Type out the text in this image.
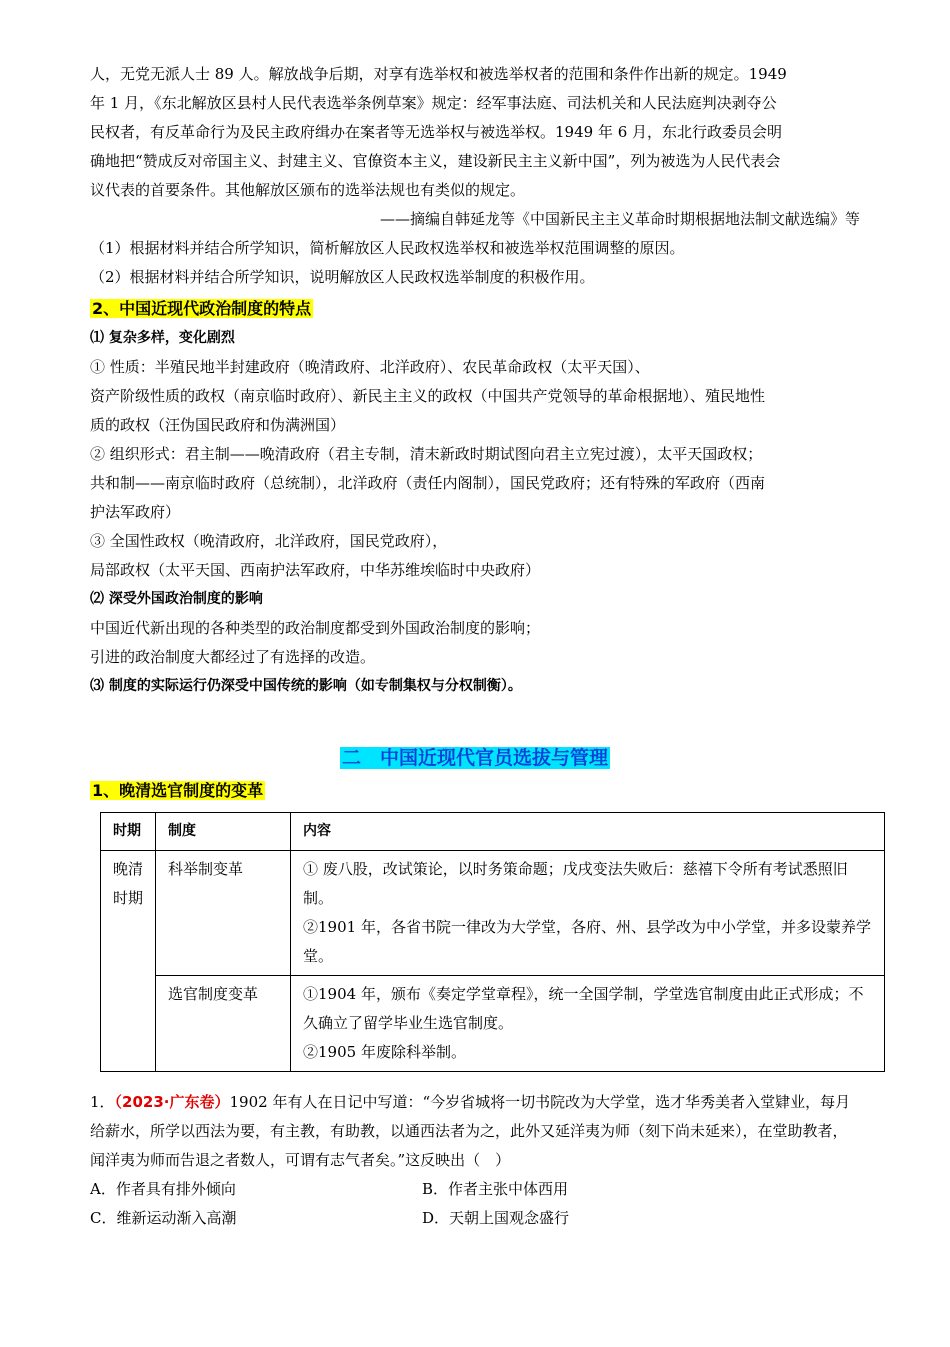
人，无党无派人士 89 人。解放战争后期，对享有选举权和被选举权者的范围和条件作出新的规定。1949

年 1 月，《东北解放区县村人民代表选举条例草案》规定：经军事法庭、司法机关和人民法庭判决剥夺公

民权者，有反革命行为及民主政府缉办在案者等无选举权与被选举权。1949 年 6 月，东北行政委员会明

确地把“赞成反对帝国主义、封建主义、官僚资本主义，建设新民主主义新中国”，列为被选为人民代表会

议代表的首要条件。其他解放区颁布的选举法规也有类似的规定。

——摘编自韩延龙等《中国新民主主义革命时期根据地法制文献选编》等

（1）根据材料并结合所学知识，简析解放区人民政权选举权和被选举权范围调整的原因。

（2）根据材料并结合所学知识，说明解放区人民政权选举制度的积极作用。

2、中国近现代政治制度的特点

⑴ 复杂多样，变化剧烈

① 性质：半殖民地半封建政府（晚清政府、北洋政府）、农民革命政权（太平天国）、

资产阶级性质的政权（南京临时政府）、新民主主义的政权（中国共产党领导的革命根据地）、殖民地性

质的政权（汪伪国民政府和伪满洲国）

② 组织形式：君主制——晚清政府（君主专制，清末新政时期试图向君主立宪过渡），太平天国政权；

共和制——南京临时政府（总统制），北洋政府（责任内阁制），国民党政府；还有特殊的军政府（西南

护法军政府）

③ 全国性政权（晚清政府，北洋政府，国民党政府），

局部政权（太平天国、西南护法军政府，中华苏维埃临时中央政府）

⑵ 深受外国政治制度的影响

中国近代新出现的各种类型的政治制度都受到外国政治制度的影响；

引进的政治制度大都经过了有选择的改造。

⑶ 制度的实际运行仍深受中国传统的影响（如专制集权与分权制衡）。

二　中国近现代官员选拔与管理

1、晚清选官制度的变革

时期	制度	内容
晚清时期	科举制变革	① 废八股，改试策论，以时务策命题；戊戌变法失败后：慈禧下令所有考试悉照旧制。
②1901 年，各省书院一律改为大学堂，各府、州、县学改为中小学堂，并多设蒙养学堂。

	选官制度变革	①1904 年，颁布《奏定学堂章程》，统一全国学制，学堂选官制度由此正式形成；不久确立了留学毕业生选官制度。
②1905 年废除科举制。

1．（2023·广东卷）1902 年有人在日记中写道：“今岁省城将一切书院改为大学堂，选才华秀美者入堂肄业，每月给薪水，所学以西法为要，有主教，有助教，以通西法者为之，此外又延洋夷为师（刻下尚未延来），在堂助教者，闻洋夷为师而告退之者数人，可谓有志气者矣。”这反映出（　）

A．作者具有排外倾向	B．作者主张中体西用

C．维新运动渐入高潮	D．天朝上国观念盛行
